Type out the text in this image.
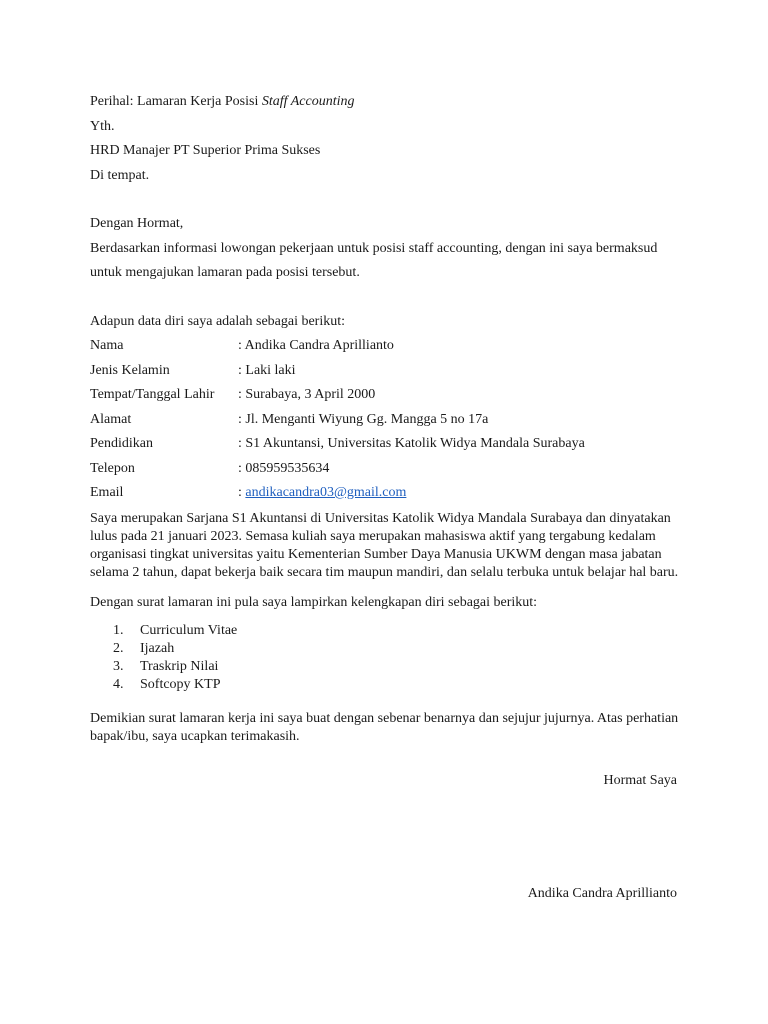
Perihal: Lamaran Kerja Posisi Staff Accounting
Yth.
HRD Manajer PT Superior Prima Sukses
Di tempat.
Dengan Hormat,
Berdasarkan informasi lowongan pekerjaan untuk posisi staff accounting, dengan ini saya bermaksud untuk mengajukan lamaran pada posisi tersebut.
Adapun data diri saya adalah sebagai berikut:
Nama	: Andika Candra Aprillianto
Jenis Kelamin	: Laki laki
Tempat/Tanggal Lahir	: Surabaya, 3 April 2000
Alamat	: Jl. Menganti Wiyung Gg. Mangga 5 no 17a
Pendidikan	: S1 Akuntansi, Universitas Katolik Widya Mandala Surabaya
Telepon	: 085959535634
Email	: andikacandra03@gmail.com
Saya merupakan Sarjana S1 Akuntansi di Universitas Katolik Widya Mandala Surabaya dan dinyatakan lulus pada 21 januari 2023. Semasa kuliah saya merupakan mahasiswa aktif yang tergabung kedalam organisasi tingkat universitas yaitu Kementerian Sumber Daya Manusia UKWM dengan masa jabatan selama 2 tahun, dapat bekerja baik secara tim maupun mandiri, dan selalu terbuka untuk belajar hal baru.
Dengan surat lamaran ini pula saya lampirkan kelengkapan diri sebagai berikut:
1.	Curriculum Vitae
2.	Ijazah
3.	Traskrip Nilai
4.	Softcopy KTP
Demikian surat lamaran kerja ini saya buat dengan sebenar benarnya dan sejujur jujurnya. Atas perhatian bapak/ibu, saya ucapkan terimakasih.
Hormat Saya
Andika Candra Aprillianto
